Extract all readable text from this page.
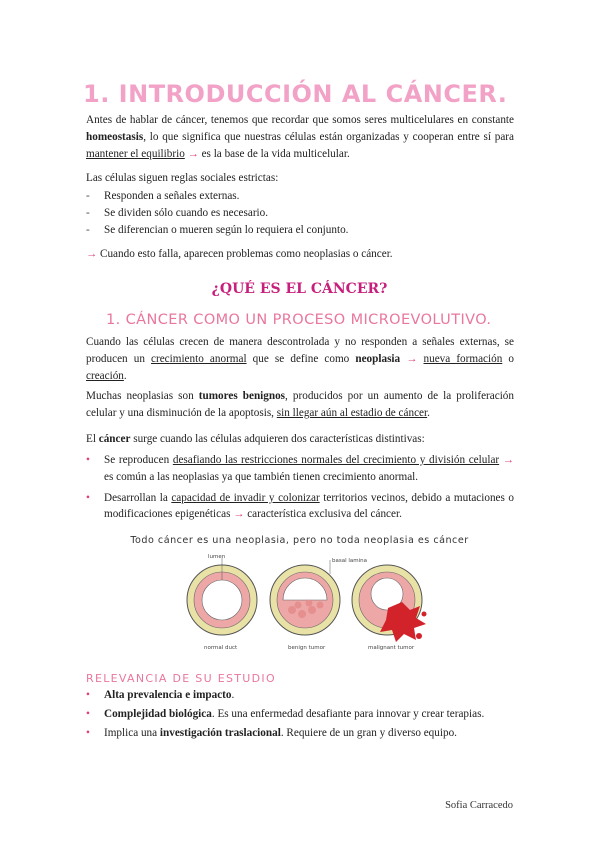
1. INTRODUCCIÓN AL CÁNCER.
Antes de hablar de cáncer, tenemos que recordar que somos seres multicelulares en constante homeostasis, lo que significa que nuestras células están organizadas y cooperan entre sí para mantener el equilibrio → es la base de la vida multicelular.
Las células siguen reglas sociales estrictas:
- Responden a señales externas.
- Se dividen sólo cuando es necesario.
- Se diferencian o mueren según lo requiera el conjunto.
→ Cuando esto falla, aparecen problemas como neoplasias o cáncer.
¿QUÉ ES EL CÁNCER?
1. CÁNCER COMO UN PROCESO MICROEVOLUTIVO.
Cuando las células crecen de manera descontrolada y no responden a señales externas, se producen un crecimiento anormal que se define como neoplasia → nueva formación o creación.
Muchas neoplasias son tumores benignos, producidos por un aumento de la proliferación celular y una disminución de la apoptosis, sin llegar aún al estadio de cáncer.
El cáncer surge cuando las células adquieren dos características distintivas:
• Se reproducen desafiando las restricciones normales del crecimiento y división celular → es común a las neoplasias ya que también tienen crecimiento anormal.
• Desarrollan la capacidad de invadir y colonizar territorios vecinos, debido a mutaciones o modificaciones epigenéticas → característica exclusiva del cáncer.
Todo cáncer es una neoplasia, pero no toda neoplasia es cáncer
lumen
basal lamina
normal duct	benign tumor	malignant tumor
RELEVANCIA DE SU ESTUDIO
• Alta prevalencia e impacto.
• Complejidad biológica. Es una enfermedad desafiante para innovar y crear terapias.
• Implica una investigación traslacional. Requiere de un gran y diverso equipo.
Sofia Carracedo
